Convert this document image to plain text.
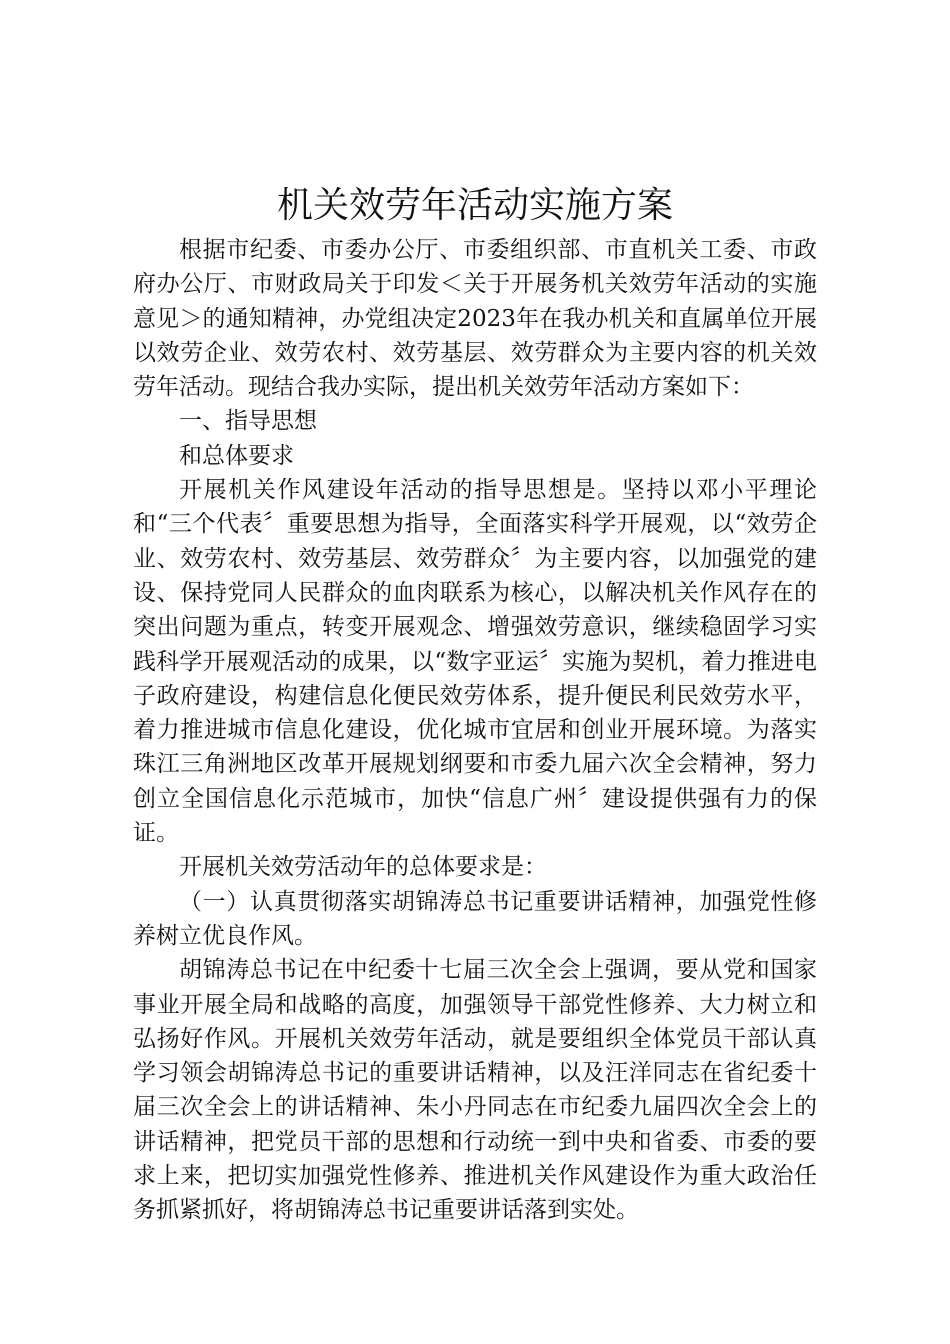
机关效劳年活动实施方案

根据市纪委、市委办公厅、市委组织部、市直机关工委、市政府办公厅、市财政局关于印发＜关于开展务机关效劳年活动的实施意见＞的通知精神，办党组决定2023年在我办机关和直属单位开展以效劳企业、效劳农村、效劳基层、效劳群众为主要内容的机关效劳年活动。现结合我办实际，提出机关效劳年活动方案如下：

一、指导思想

和总体要求

开展机关作风建设年活动的指导思想是。坚持以邓小平理论和“三个代表〞重要思想为指导，全面落实科学开展观，以“效劳企业、效劳农村、效劳基层、效劳群众〞为主要内容，以加强党的建设、保持党同人民群众的血肉联系为核心，以解决机关作风存在的突出问题为重点，转变开展观念、增强效劳意识，继续稳固学习实践科学开展观活动的成果，以“数字亚运〞实施为契机，着力推进电子政府建设，构建信息化便民效劳体系，提升便民利民效劳水平，着力推进城市信息化建设，优化城市宜居和创业开展环境。为落实珠江三角洲地区改革开展规划纲要和市委九届六次全会精神，努力创立全国信息化示范城市，加快“信息广州〞建设提供强有力的保证。

开展机关效劳活动年的总体要求是：

（一）认真贯彻落实胡锦涛总书记重要讲话精神，加强党性修养树立优良作风。

胡锦涛总书记在中纪委十七届三次全会上强调，要从党和国家事业开展全局和战略的高度，加强领导干部党性修养、大力树立和弘扬好作风。开展机关效劳年活动，就是要组织全体党员干部认真学习领会胡锦涛总书记的重要讲话精神，以及汪洋同志在省纪委十届三次全会上的讲话精神、朱小丹同志在市纪委九届四次全会上的讲话精神，把党员干部的思想和行动统一到中央和省委、市委的要求上来，把切实加强党性修养、推进机关作风建设作为重大政治任务抓紧抓好，将胡锦涛总书记重要讲话落到实处。
